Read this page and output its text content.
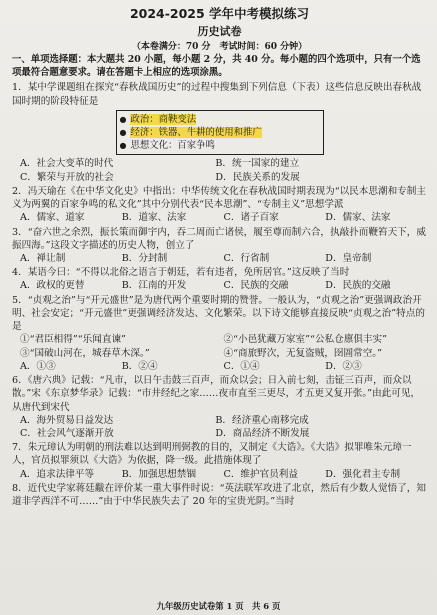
2024-2025 学年中考模拟练习
历史试卷
（本卷满分：70 分　考试时间：60 分钟）

一、单项选择题：本大题共 20 小题，每小题 2 分，共 40 分。每小题的四个选项中，只有一个选项最符合题意要求。请在答题卡上相应的选项涂黑。

1．某中学课题组在探究“春秋战国历史”的过程中搜集到下列信息（下表）这些信息反映出春秋战国时期的阶段特征是

● 政治：商鞅变法
● 经济：铁器、牛耕的使用和推广
● 思想文化：百家争鸣
A．社会大变革的时代	B．统一国家的建立
C．繁荣与开放的社会	D．民族关系的发展

2．冯天瑜在《在中华文化史》中指出：中华传统文化在春秋战国时期表现为“以民本思潮和专制主义为两翼的百家争鸣的私文化”其中分别代表“民本思潮”、“专制主义”思想学派

A．儒家、道家	B．道家、法家	C．诸子百家	D．儒家、法家

3．“奋六世之余烈，振长策而御宇内，吞二周而亡诸侯，履至尊而制六合，执敲扑而鞭笞天下，威振四海。”这段文字描述的历史人物，创立了

A．禅让制	B．分封制	C．行省制	D．皇帝制

4．某语今曰：“不得以北俗之语言于朝廷，若有违者，免所居官。”这反映了当时

A．政权的更替	B．江南的开发	C．民族的交融	D．民族的交融

5．“贞观之治”与“开元盛世”是为唐代两个重要时期的赞誉。一般认为，“贞观之治”更强调政治开明、社会安定；“开元盛世”更强调经济发达、文化繁荣。以下诗文能够直接反映“贞观之治”特点的是

①“君臣相得”“乐闻直谏”	②“小邑犹藏万家室”“公私仓廪俱丰实”
③“国破山河在，城春草木深。”	④“商旅野次，无复盗贼，囹圄常空。”
A．①③	B．②④	C．①④	D．②③

6．《唐六典》记载：“凡市，以日午击鼓三百声，而众以会；日入前七刻，击钲三百声，而众以散。”宋《东京梦华录》记载：“市井经纪之家……夜市直至三更尽，才五更又复开张。”由此可见，从唐代到宋代

A．海外贸易日益发达	B．经济重心南移完成
C．社会风气逐渐开放	D．商品经济不断发展

7．朱元璋认为明朝的刑法难以达到明刑弼教的目的，又制定《大诰》。《大诰》拟罪唯朱元璋一人，官员拟罪须以《大诰》为依据，降一级。此措施体现了

A．追求法律平等	B．加强思想禁锢	C．维护官员利益	D．强化君主专制

8．近代史学家蒋廷黻在评价某一重大事件时说：“英法联军攻进了北京，然后有少数人觉悟了，知道非学西洋不可……”由于中华民族失去了 20 年的宝贵光阴。”当时

九年级历史试卷第 1 页　共 6 页
